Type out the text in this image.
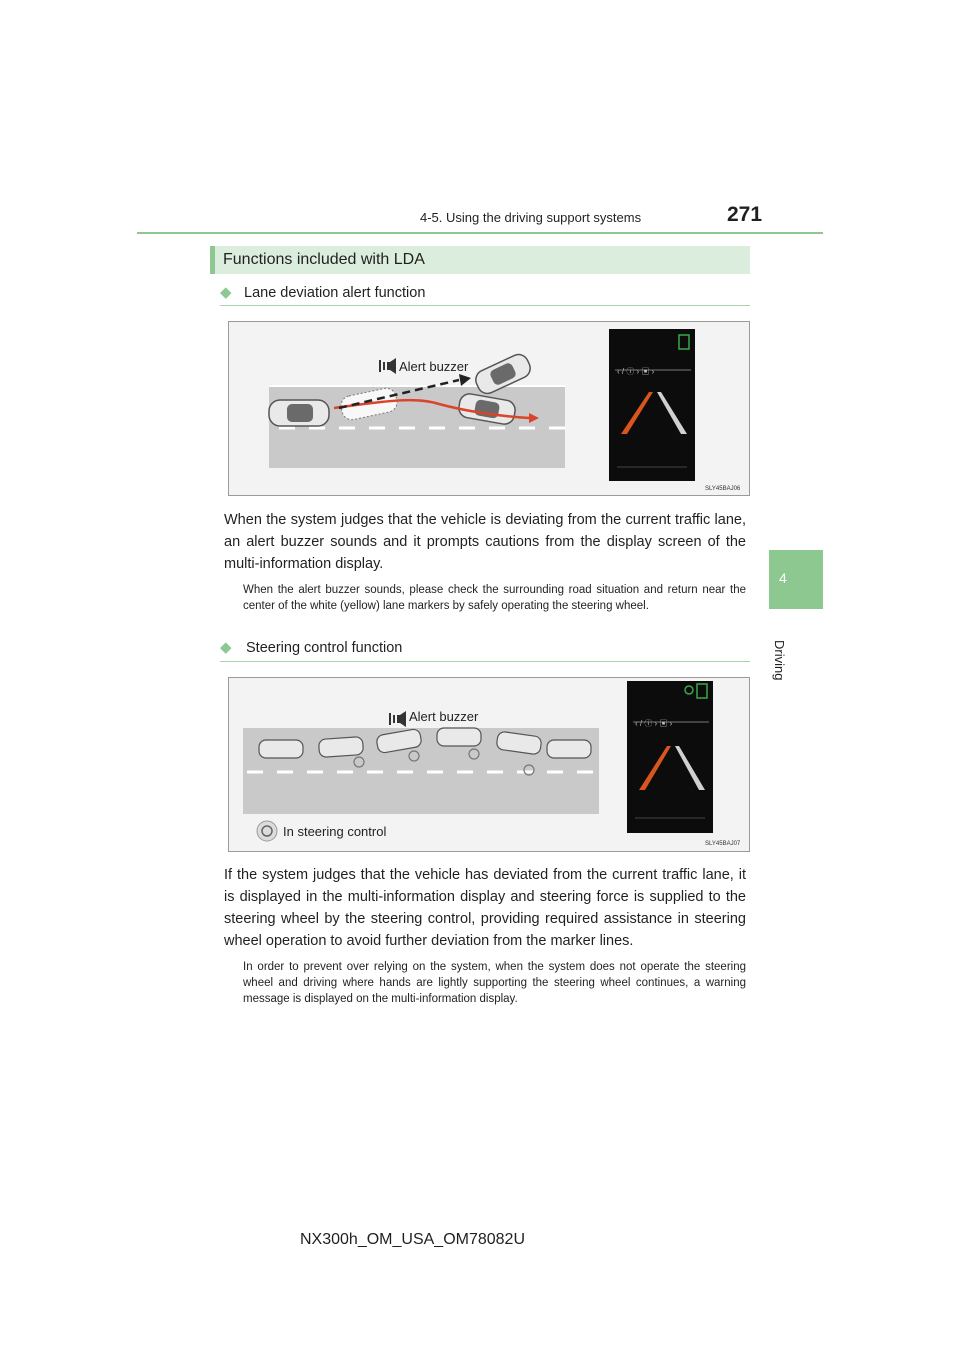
4-5. Using the driving support systems	271
4
Driving
Functions included with LDA
◆ Lane deviation alert function
‹ / ⓘ › ▣ ›
Alert buzzer
SLY45BAJ06
When the system judges that the vehicle is deviating from the current traffic lane, an alert buzzer sounds and it prompts cautions from the display screen of the multi-information display.
When the alert buzzer sounds, please check the surrounding road situation and return near the center of the white (yellow) lane markers by safely operating the steering wheel.
◆ Steering control function
‹ / ⓘ › ▣ ›
Alert buzzer
In steering control
SLY45BAJ07
If the system judges that the vehicle has deviated from the current traffic lane, it is displayed in the multi-information display and steering force is supplied to the steering wheel by the steering control, providing required assistance in steering wheel operation to avoid further deviation from the marker lines.
In order to prevent over relying on the system, when the system does not operate the steering wheel and driving where hands are lightly supporting the steering wheel continues, a warning message is displayed on the multi-information display.
NX300h_OM_USA_OM78082U
